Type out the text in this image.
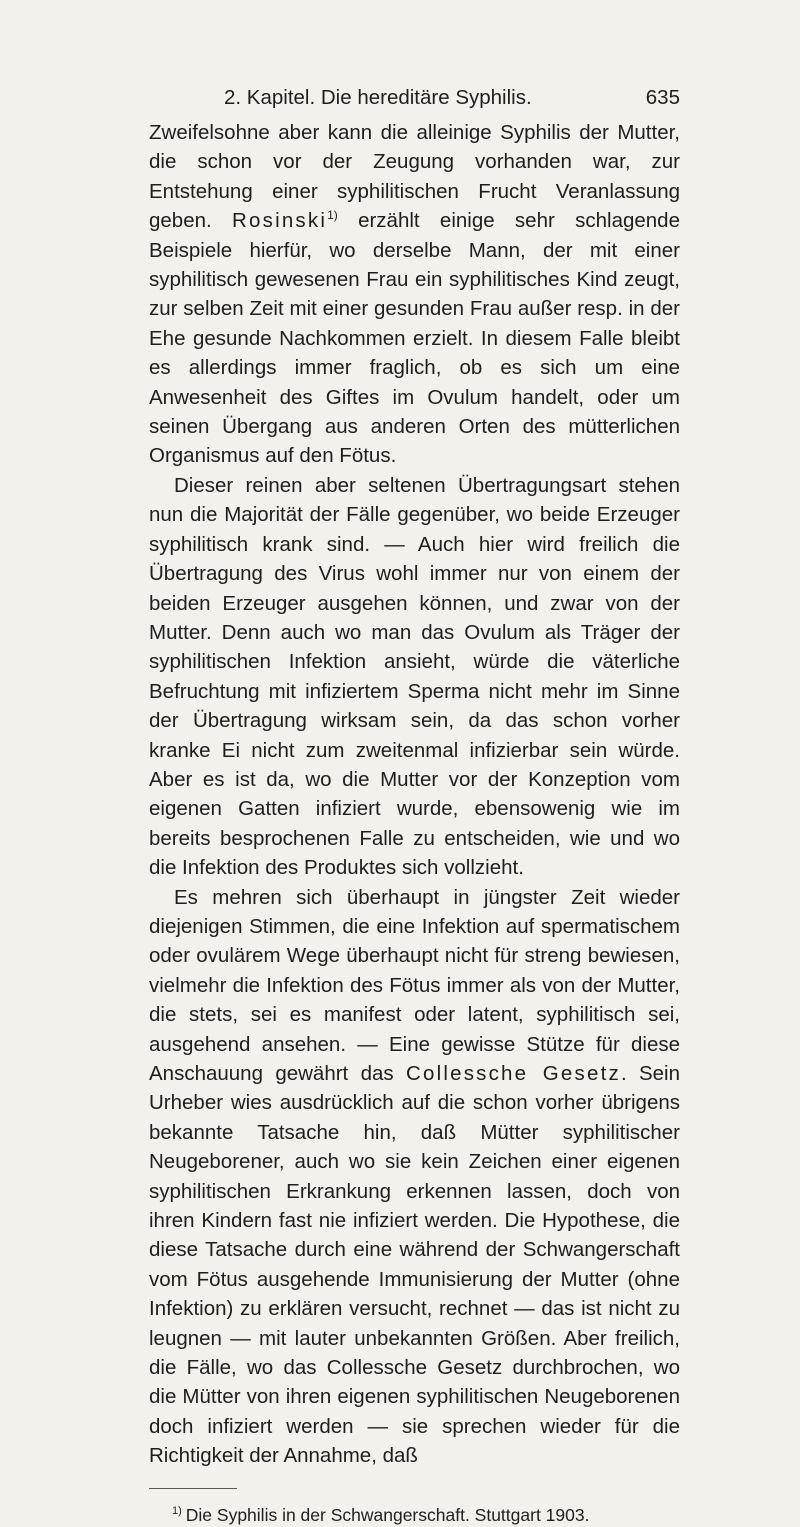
2. Kapitel. Die hereditäre Syphilis.	635

Zweifelsohne aber kann die alleinige Syphilis der Mutter, die schon vor der Zeugung vorhanden war, zur Entstehung einer syphilitischen Frucht Veranlassung geben. Rosinski$^{1)}$ erzählt einige sehr schlagende Beispiele hierfür, wo derselbe Mann, der mit einer syphilitisch gewesenen Frau ein syphilitisches Kind zeugt, zur selben Zeit mit einer gesunden Frau außer resp. in der Ehe gesunde Nachkommen erzielt. In diesem Falle bleibt es allerdings immer fraglich, ob es sich um eine Anwesenheit des Giftes im Ovulum handelt, oder um seinen Übergang aus anderen Orten des mütterlichen Organismus auf den Fötus.

Dieser reinen aber seltenen Übertragungsart stehen nun die Majorität der Fälle gegenüber, wo beide Erzeuger syphilitisch krank sind. — Auch hier wird freilich die Übertragung des Virus wohl immer nur von einem der beiden Erzeuger ausgehen können, und zwar von der Mutter. Denn auch wo man das Ovulum als Träger der syphilitischen Infektion ansieht, würde die väterliche Befruchtung mit infiziertem Sperma nicht mehr im Sinne der Übertragung wirksam sein, da das schon vorher kranke Ei nicht zum zweitenmal infizierbar sein würde. Aber es ist da, wo die Mutter vor der Konzeption vom eigenen Gatten infiziert wurde, ebensowenig wie im bereits besprochenen Falle zu entscheiden, wie und wo die Infektion des Produktes sich vollzieht.

Es mehren sich überhaupt in jüngster Zeit wieder diejenigen Stimmen, die eine Infektion auf spermatischem oder ovulärem Wege überhaupt nicht für streng bewiesen, vielmehr die Infektion des Fötus immer als von der Mutter, die stets, sei es manifest oder latent, syphilitisch sei, ausgehend ansehen. — Eine gewisse Stütze für diese Anschauung gewährt das Collessche Gesetz. Sein Urheber wies ausdrücklich auf die schon vorher übrigens bekannte Tatsache hin, daß Mütter syphilitischer Neugeborener, auch wo sie kein Zeichen einer eigenen syphilitischen Erkrankung erkennen lassen, doch von ihren Kindern fast nie infiziert werden. Die Hypothese, die diese Tatsache durch eine während der Schwangerschaft vom Fötus ausgehende Immunisierung der Mutter (ohne Infektion) zu erklären versucht, rechnet — das ist nicht zu leugnen — mit lauter unbekannten Größen. Aber freilich, die Fälle, wo das Collessche Gesetz durchbrochen, wo die Mütter von ihren eigenen syphilitischen Neugeborenen doch infiziert werden — sie sprechen wieder für die Richtigkeit der Annahme, daß

$^{1)}$ Die Syphilis in der Schwangerschaft. Stuttgart 1903.
